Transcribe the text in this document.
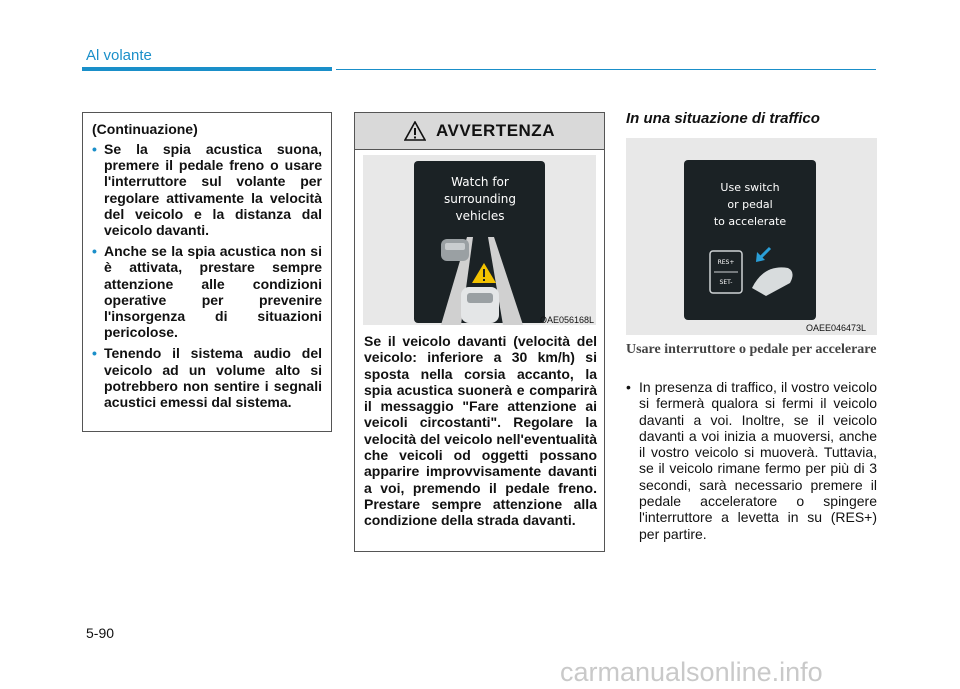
Al volante
(Continuazione)
• Se la spia acustica suona, premere il pedale freno o usare l'interruttore sul volante per regolare attivamente la velocità del veicolo e la distanza dal veicolo davanti.
• Anche se la spia acustica non si è attivata, prestare sempre attenzione alle condizioni operative per prevenire l'insorgenza di situazioni pericolose.
• Tenendo il sistema audio del veicolo ad un volume alto si potrebbero non sentire i segnali acustici emessi dal sistema.
AVVERTENZA
Watch for
surrounding
vehicles
OAE056168L
Se il veicolo davanti (velocità del veicolo: inferiore a 30 km/h) si sposta nella corsia accanto, la spia acustica suonerà e comparirà il messaggio "Fare attenzione ai veicoli circostanti". Regolare la velocità del veicolo nell'eventualità che veicoli od oggetti possano apparire improvvisamente davanti a voi, premendo il pedale freno. Prestare sempre attenzione alla condizione della strada davanti.
In una situazione di traffico
Use switch
or pedal
to accelerate
RES+
SET-
OAEE046473L
Usare interruttore o pedale per accelerare
• In presenza di traffico, il vostro veicolo si fermerà qualora si fermi il veicolo davanti a voi. Inoltre, se il veicolo davanti a voi inizia a muoversi, anche il vostro veicolo si muoverà. Tuttavia, se il veicolo rimane fermo per più di 3 secondi, sarà necessario premere il pedale acceleratore o spingere l'interruttore a levetta in su (RES+) per partire.
5-90
carmanualsonline.info
